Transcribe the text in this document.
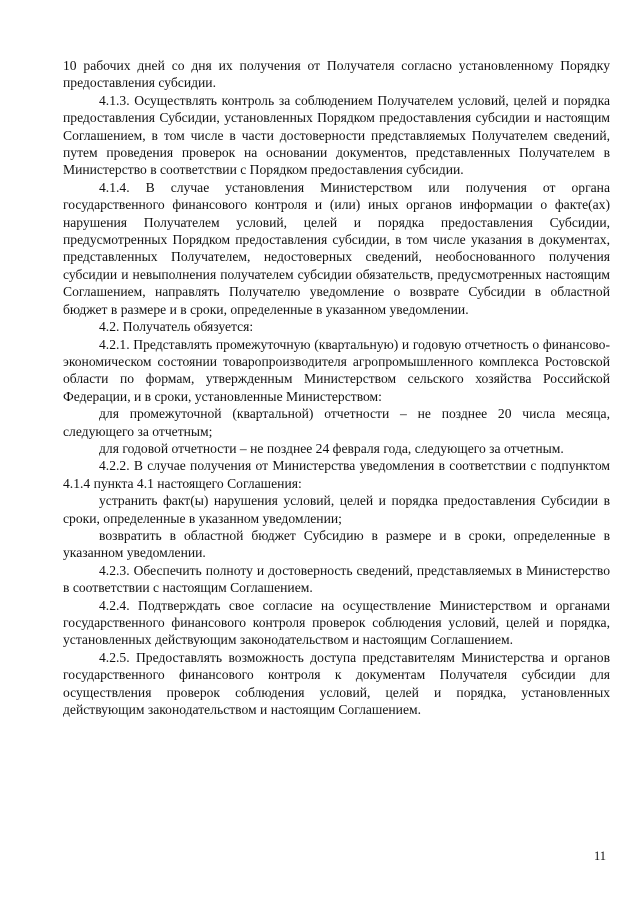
10 рабочих дней со дня их получения от Получателя согласно установленному Порядку предоставления субсидии.

4.1.3. Осуществлять контроль за соблюдением Получателем условий, целей и порядка предоставления Субсидии, установленных Порядком предоставления субсидии и настоящим Соглашением, в том числе в части достоверности представляемых Получателем сведений, путем проведения проверок на основании документов, представленных Получателем в Министерство в соответствии с Порядком предоставления субсидии.

4.1.4. В случае установления Министерством или получения от органа государственного финансового контроля и (или) иных органов информации о факте(ах) нарушения Получателем условий, целей и порядка предоставления Субсидии, предусмотренных Порядком предоставления субсидии, в том числе указания в документах, представленных Получателем, недостоверных сведений, необоснованного получения субсидии и невыполнения получателем субсидии обязательств, предусмотренных настоящим Соглашением, направлять Получателю уведомление о возврате Субсидии в областной бюджет в размере и в сроки, определенные в указанном уведомлении.

4.2. Получатель обязуется:

4.2.1. Представлять промежуточную (квартальную) и годовую отчетность о финансово-экономическом состоянии товаропроизводителя агропромышленного комплекса Ростовской области по формам, утвержденным Министерством сельского хозяйства Российской Федерации, и в сроки, установленные Министерством:

для промежуточной (квартальной) отчетности – не позднее 20 числа месяца, следующего за отчетным;

для годовой отчетности – не позднее 24 февраля года, следующего за отчетным.

4.2.2. В случае получения от Министерства уведомления в соответствии с подпунктом 4.1.4 пункта 4.1 настоящего Соглашения:

устранить факт(ы) нарушения условий, целей и порядка предоставления Субсидии в сроки, определенные в указанном уведомлении;

возвратить в областной бюджет Субсидию в размере и в сроки, определенные в указанном уведомлении.

4.2.3. Обеспечить полноту и достоверность сведений, представляемых в Министерство в соответствии с настоящим Соглашением.

4.2.4. Подтверждать свое согласие на осуществление Министерством и органами государственного финансового контроля проверок соблюдения условий, целей и порядка, установленных действующим законодательством и настоящим Соглашением.

4.2.5. Предоставлять возможность доступа представителям Министерства и органов государственного финансового контроля к документам Получателя субсидии для осуществления проверок соблюдения условий, целей и порядка, установленных действующим законодательством и настоящим Соглашением.

11
